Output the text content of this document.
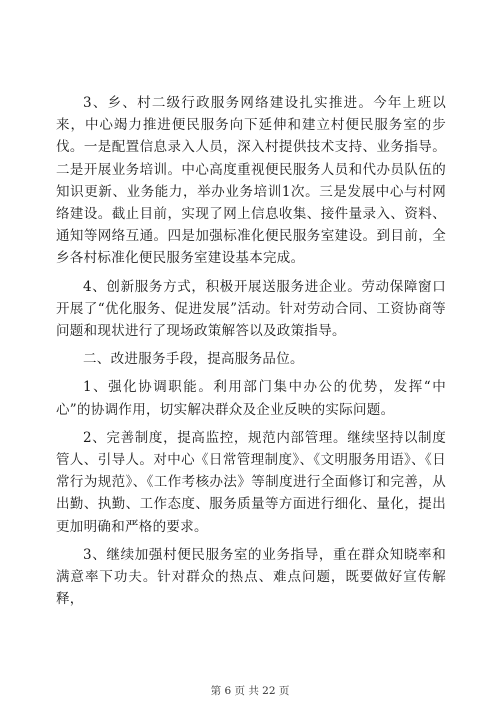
3、乡、村二级行政服务网络建设扎实推进。今年上班以来，中心竭力推进便民服务向下延伸和建立村便民服务室的步伐。一是配置信息录入人员，深入村提供技术支持、业务指导。二是开展业务培训。中心高度重视便民服务人员和代办员队伍的知识更新、业务能力，举办业务培训1次。三是发展中心与村网络建设。截止目前，实现了网上信息收集、接件量录入、资料、通知等网络互通。四是加强标准化便民服务室建设。到目前，全乡各村标准化便民服务室建设基本完成。

4、创新服务方式，积极开展送服务进企业。劳动保障窗口开展了“优化服务、促进发展”活动。针对劳动合同、工资协商等问题和现状进行了现场政策解答以及政策指导。

二、改进服务手段，提高服务品位。

1、强化协调职能。利用部门集中办公的优势，发挥“中心”的协调作用，切实解决群众及企业反映的实际问题。

2、完善制度，提高监控，规范内部管理。继续坚持以制度管人、引导人。对中心《日常管理制度》、《文明服务用语》、《日常行为规范》、《工作考核办法》等制度进行全面修订和完善，从出勤、执勤、工作态度、服务质量等方面进行细化、量化，提出更加明确和严格的要求。

3、继续加强村便民服务室的业务指导，重在群众知晓率和满意率下功夫。针对群众的热点、难点问题，既要做好宣传解释，

第 6 页 共 22 页
